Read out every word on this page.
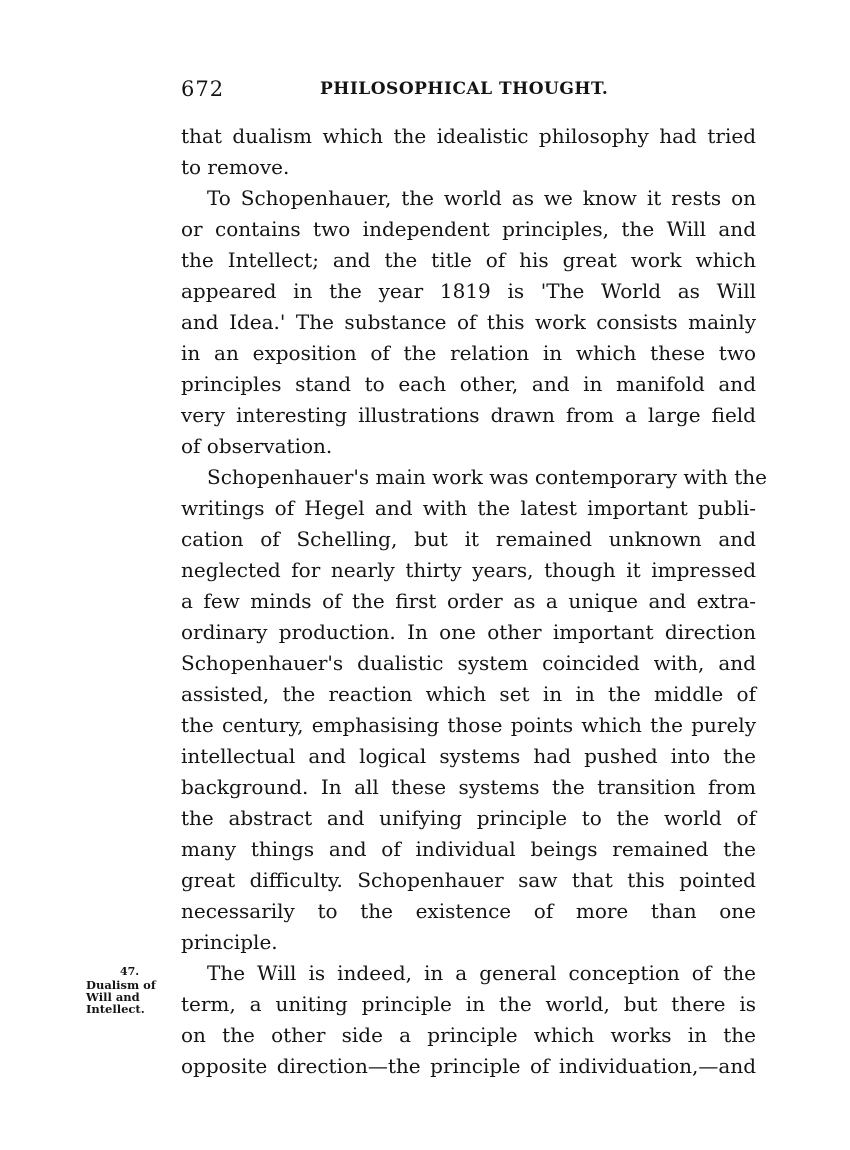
672	PHILOSOPHICAL THOUGHT.
47.
Dualism of
Will and
Intellect.
that dualism which the idealistic philosophy had tried
to remove.
To Schopenhauer, the world as we know it rests on
or contains two independent principles, the Will and
the Intellect; and the title of his great work which
appeared in the year 1819 is 'The World as Will
and Idea.' The substance of this work consists mainly
in an exposition of the relation in which these two
principles stand to each other, and in manifold and
very interesting illustrations drawn from a large field
of observation.
Schopenhauer's main work was contemporary with the
writings of Hegel and with the latest important publi-
cation of Schelling, but it remained unknown and
neglected for nearly thirty years, though it impressed
a few minds of the first order as a unique and extra-
ordinary production. In one other important direction
Schopenhauer's dualistic system coincided with, and
assisted, the reaction which set in in the middle of
the century, emphasising those points which the purely
intellectual and logical systems had pushed into the
background. In all these systems the transition from
the abstract and unifying principle to the world of
many things and of individual beings remained the
great difficulty. Schopenhauer saw that this pointed
necessarily to the existence of more than one
principle.
The Will is indeed, in a general conception of the
term, a uniting principle in the world, but there is
on the other side a principle which works in the
opposite direction—the principle of individuation,—and
